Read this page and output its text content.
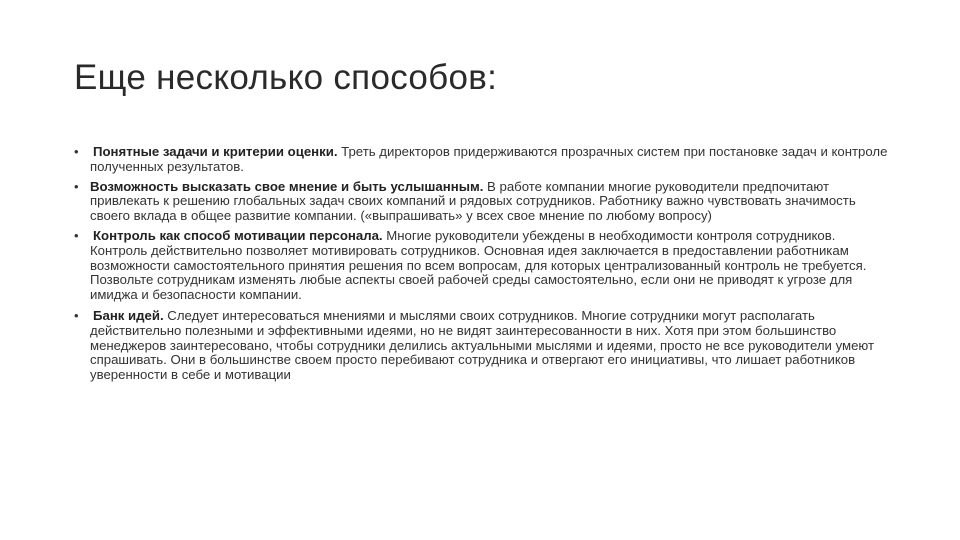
Еще несколько способов:
• Понятные задачи и критерии оценки. Треть директоров придерживаются прозрачных систем при постановке задач и контроле полученных результатов.
• Возможность высказать свое мнение и быть услышанным. В работе компании многие руководители предпочитают привлекать к решению глобальных задач своих компаний и рядовых сотрудников. Работнику важно чувствовать значимость своего вклада в общее развитие компании. («выпрашивать» у всех свое мнение по любому вопросу)
• Контроль как способ мотивации персонала. Многие руководители убеждены в необходимости контроля сотрудников. Контроль действительно позволяет мотивировать сотрудников. Основная идея заключается в предоставлении работникам возможности самостоятельного принятия решения по всем вопросам, для которых централизованный контроль не требуется. Позвольте сотрудникам изменять любые аспекты своей рабочей среды самостоятельно, если они не приводят к угрозе для имиджа и безопасности компании.
• Банк идей. Следует интересоваться мнениями и мыслями своих сотрудников. Многие сотрудники могут располагать действительно полезными и эффективными идеями, но не видят заинтересованности в них. Хотя при этом большинство менеджеров заинтересовано, чтобы сотрудники делились актуальными мыслями и идеями, просто не все руководители умеют спрашивать. Они в большинстве своем просто перебивают сотрудника и отвергают его инициативы, что лишает работников уверенности в себе и мотивации
